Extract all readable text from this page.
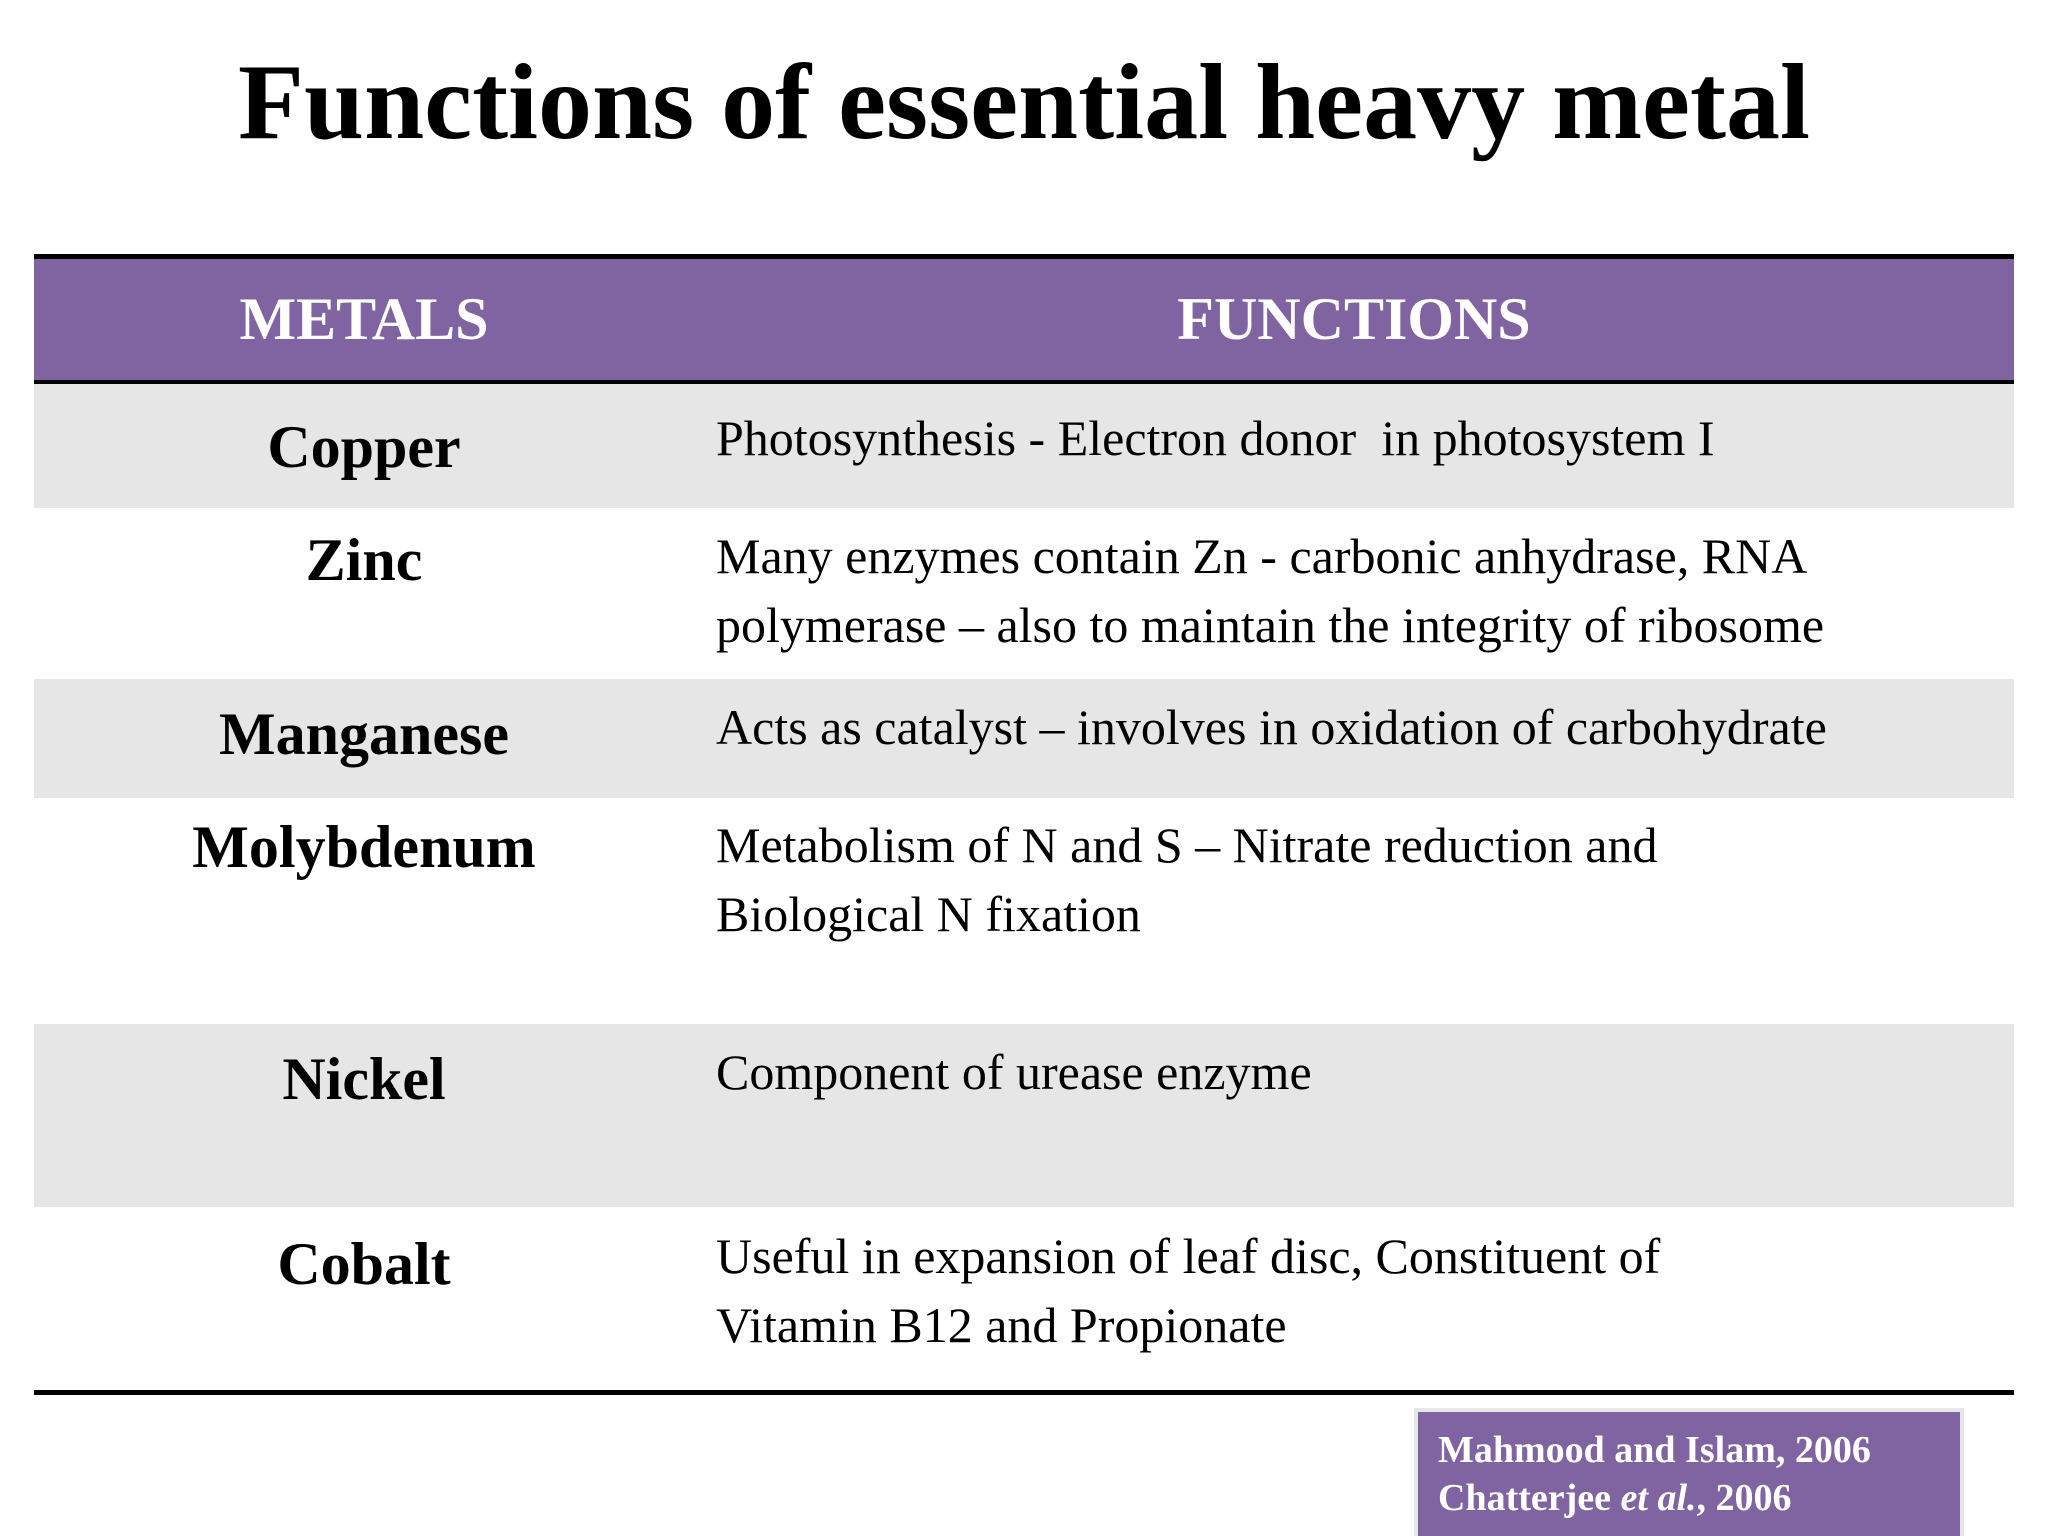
Functions of essential heavy metal
METALS	FUNCTIONS
Copper	Photosynthesis - Electron donor  in photosystem I
Zinc	Many enzymes contain Zn - carbonic anhydrase, RNA
polymerase – also to maintain the integrity of ribosome
Manganese	Acts as catalyst – involves in oxidation of carbohydrate
Molybdenum	Metabolism of N and S – Nitrate reduction and
Biological N fixation
Nickel	Component of urease enzyme
Cobalt	Useful in expansion of leaf disc, Constituent of
Vitamin B12 and Propionate
Mahmood and Islam, 2006
Chatterjee et al., 2006
